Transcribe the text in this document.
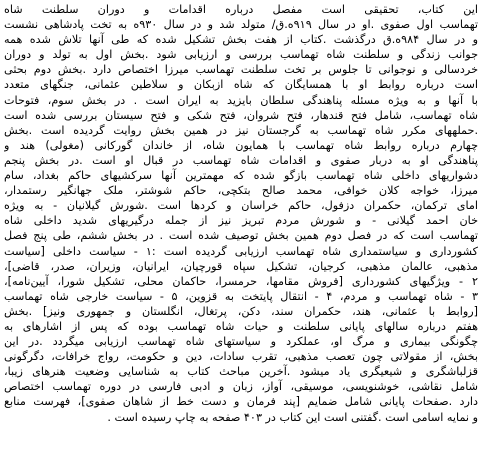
این کتاب، تحقیقی است مفصل درباره اقدامات و دوران سلطنت شاه
تهماسب اول صفوی .او در سال ۹۱۹ه.ق/ متولد شد و در سال ۹۳۰ه به تخت پادشاهی نشست
و در سال ۹۸۴ه.ق درگذشت .کتاب از هفت بخش تشکیل شده که طی آنها تلاش شده همه
جوانب زندگی و سلطنت شاه تهماسب بررسی و ارزیابی شود .بخش اول به تولد و دوران
خردسالی و نوجوانی تا جلوس بر تخت سلطنت تهماسب میرزا اختصاص دارد .بخش دوم بحثی
است درباره روابط او با همسایگان که شاه ازبکان و سلاطین عثمانی، جنگهای متعدد
با آنها و به ویژه مسئله پناهندگی سلطان بایزید به ایران است . در بخش سوم، فتوحات
شاه تهماسب، شامل فتح قندهار، فتح شروان، فتح شکی و فتح سیستان بررسی شده است
.حملههای مکرر شاه تهماسب به گرجستان نیز در همین بخش روایت گردیده است .بخش
چهارم درباره روابط شاه تهماسب با همایون شاه، از خاندان گورکانی (مغولی) هند و
پناهندگی او به دربار صفوی و اقدامات شاه تهماسب در قبال او است .در بخش پنجم
دشواریهای داخلی شاه تهماسب بازگو شده که مهمترین آنها سرکشیهای حاکم بغداد، سام
میرزا، خواجه کلان خوافی، محمد صالح بتکچی، حاکم شوشتر، ملک جهانگیر رستمدار،
امای ترکمان، حکمران دزفول، حاکم خراسان و کردها است .شورش گیلانیان - به ویژه
خان احمد گیلانی - و شورش مردم تبریز نیز از جمله درگیریهای شدید داخلی شاه
تهماسب است که در فصل دوم همین بخش توصیف شده است . در بخش ششم، طی پنج فصل
کشورداری و سیاستمداری شاه تهماسب ارزیابی گردیده است :۱ - سیاست داخلی [سیاست
مذهبی، عالمان مذهبی، کرجیان، تشکیل سپاه قورچیان، ایرانیان، وزیران، صدر، قاضی]،
۲ - ویژگیهای کشورداری [فروش مقامها، حرمسرا، حاکمان محلی، تشکیل شورا، آیین‌نامه]،
۳ - شاه تهماسب و مردم، ۴ - انتقال پایتخت به قزوین، ۵ - سیاست خارجی شاه تهماسب
[روابط با عثمانی، هند، حکمران سند، دکن، پرتغال، انگلستان و جمهوری ونیز] .بخش
هفتم درباره سالهای پایانی سلطنت و حیات شاه تهماسب بوده که پس از اشارهای به
چگونگی بیماری و مرگ او، عملکرد و سیاستهای شاه تهماسب ارزیابی میگردد .در این
بخش، از مقولاتی چون تعصب مذهبی، تقرب سادات، دین و حکومت، رواج خرافات، دگرگونی
قزلباشگری و شیعیگری یاد میشود .آخرین مباحث کتاب به شناسایی وضعیت هنرهای زیبا،
شامل نقاشی، خوشنویسی، موسیقی، آواز، زبان و ادبی فارسی در دوره تهماسب اختصاص
دارد .صفحات پایانی شامل ضمایم [پند فرمان و دست خط از شاهان صفوی]، فهرست منابع
و نمایه اسامی است .گفتنی است این کتاب در ۴۰۳ صفحه به چاپ رسیده است .
